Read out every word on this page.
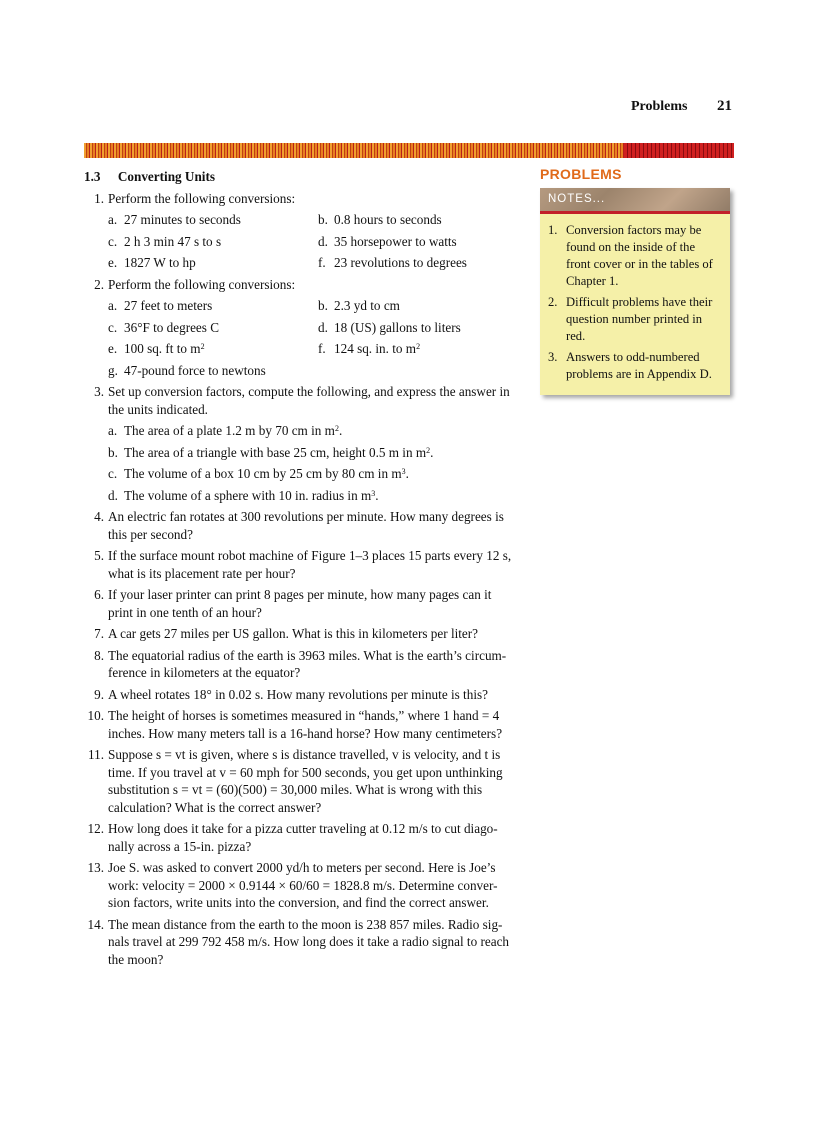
Problems 21
1.3 Converting Units
1. Perform the following conversions:
a. 27 minutes to seconds	b. 0.8 hours to seconds
c. 2 h 3 min 47 s to s	d. 35 horsepower to watts
e. 1827 W to hp	f. 23 revolutions to degrees
2. Perform the following conversions:
a. 27 feet to meters	b. 2.3 yd to cm
c. 36°F to degrees C	d. 18 (US) gallons to liters
e. 100 sq. ft to $m^2$	f. 124 sq. in. to $m^2$
g. 47-pound force to newtons
3. Set up conversion factors, compute the following, and express the answer in the units indicated.
a. The area of a plate 1.2 m by 70 cm in $m^2$.
b. The area of a triangle with base 25 cm, height 0.5 m in $m^2$.
c. The volume of a box 10 cm by 25 cm by 80 cm in $m^3$.
d. The volume of a sphere with 10 in. radius in $m^3$.
4. An electric fan rotates at 300 revolutions per minute. How many degrees is this per second?
5. If the surface mount robot machine of Figure 1–3 places 15 parts every 12 s, what is its placement rate per hour?
6. If your laser printer can print 8 pages per minute, how many pages can it print in one tenth of an hour?
7. A car gets 27 miles per US gallon. What is this in kilometers per liter?
8. The equatorial radius of the earth is 3963 miles. What is the earth’s circum-ference in kilometers at the equator?
9. A wheel rotates 18° in 0.02 s. How many revolutions per minute is this?
10. The height of horses is sometimes measured in “hands,” where 1 hand = 4 inches. How many meters tall is a 16-hand horse? How many centimeters?
11. Suppose s = vt is given, where s is distance travelled, v is velocity, and t is time. If you travel at v = 60 mph for 500 seconds, you get upon unthinking substitution s = vt = (60)(500) = 30,000 miles. What is wrong with this calculation? What is the correct answer?
12. How long does it take for a pizza cutter traveling at 0.12 m/s to cut diago-nally across a 15-in. pizza?
13. Joe S. was asked to convert 2000 yd/h to meters per second. Here is Joe’s work: velocity = 2000 × 0.9144 × 60/60 = 1828.8 m/s. Determine conver-sion factors, write units into the conversion, and find the correct answer.
14. The mean distance from the earth to the moon is 238 857 miles. Radio sig-nals travel at 299 792 458 m/s. How long does it take a radio signal to reach the moon?
PROBLEMS
NOTES...
1. Conversion factors may be found on the inside of the front cover or in the tables of Chapter 1.
2. Difficult problems have their question number printed in red.
3. Answers to odd-numbered problems are in Appendix D.
